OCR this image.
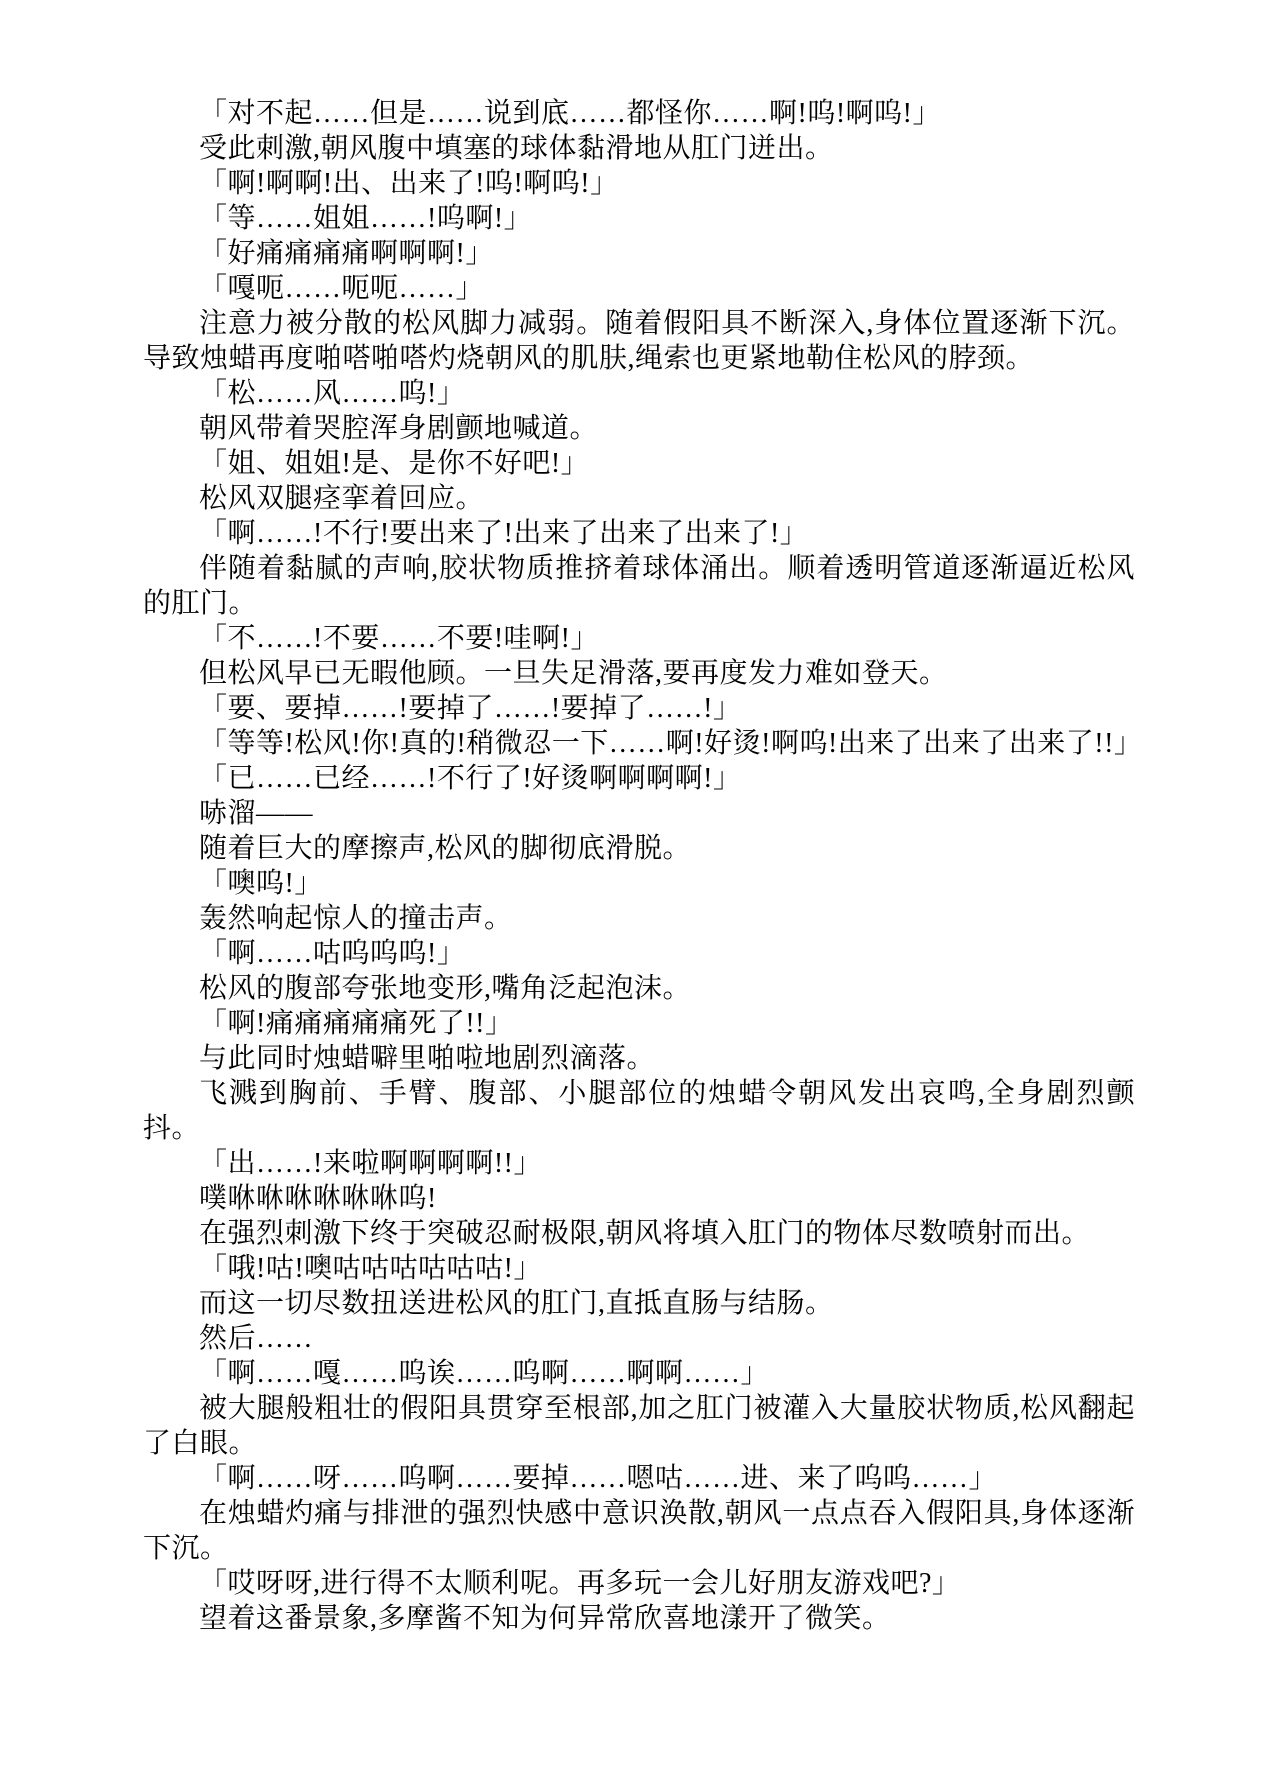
「对不起……但是……说到底……都怪你……啊!呜!啊呜!」

受此刺激,朝风腹中填塞的球体黏滑地从肛门迸出。

「啊!啊啊!出、出来了!呜!啊呜!」

「等……姐姐……!呜啊!」

「好痛痛痛痛啊啊啊!」

「嘎呃……呃呃……」

注意力被分散的松风脚力减弱。随着假阳具不断深入,身体位置逐渐下沉。导致烛蜡再度啪嗒啪嗒灼烧朝风的肌肤,绳索也更紧地勒住松风的脖颈。

「松……风……呜!」

朝风带着哭腔浑身剧颤地喊道。

「姐、姐姐!是、是你不好吧!」

松风双腿痉挛着回应。

「啊……!不行!要出来了!出来了出来了出来了!」

伴随着黏腻的声响,胶状物质推挤着球体涌出。顺着透明管道逐渐逼近松风的肛门。

「不……!不要……不要!哇啊!」

但松风早已无暇他顾。一旦失足滑落,要再度发力难如登天。

「要、要掉……!要掉了……!要掉了……!」

「等等!松风!你!真的!稍微忍一下……啊!好烫!啊呜!出来了出来了出来了!!」

「已……已经……!不行了!好烫啊啊啊啊!」

哧溜——

随着巨大的摩擦声,松风的脚彻底滑脱。

「噢呜!」

轰然响起惊人的撞击声。

「啊……咕呜呜呜!」

松风的腹部夸张地变形,嘴角泛起泡沫。

「啊!痛痛痛痛痛死了!!」

与此同时烛蜡噼里啪啦地剧烈滴落。

飞溅到胸前、手臂、腹部、小腿部位的烛蜡令朝风发出哀鸣,全身剧烈颤抖。

「出……!来啦啊啊啊啊!!」

噗咻咻咻咻咻咻呜!

在强烈刺激下终于突破忍耐极限,朝风将填入肛门的物体尽数喷射而出。

「哦!咕!噢咕咕咕咕咕咕!」

而这一切尽数扭送进松风的肛门,直抵直肠与结肠。

然后……

「啊……嘎……呜诶……呜啊……啊啊……」

被大腿般粗壮的假阳具贯穿至根部,加之肛门被灌入大量胶状物质,松风翻起了白眼。

「啊……呀……呜啊……要掉……嗯咕……进、来了呜呜……」

在烛蜡灼痛与排泄的强烈快感中意识涣散,朝风一点点吞入假阳具,身体逐渐下沉。

「哎呀呀,进行得不太顺利呢。再多玩一会儿好朋友游戏吧?」

望着这番景象,多摩酱不知为何异常欣喜地漾开了微笑。
